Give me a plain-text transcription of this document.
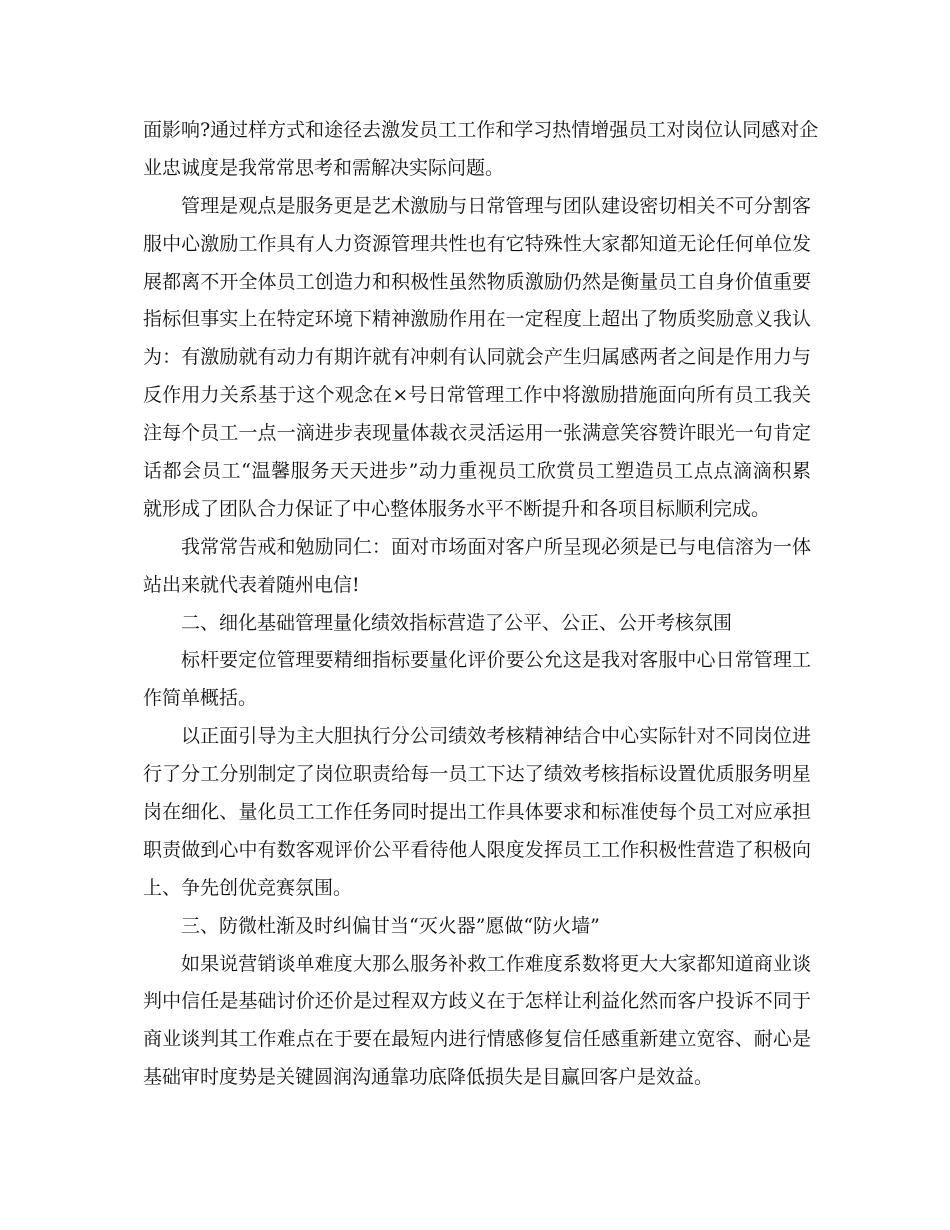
面影响?通过样方式和途径去激发员工工作和学习热情增强员工对岗位认同感对企
业忠诚度是我常常思考和需解决实际问题。
管理是观点是服务更是艺术激励与日常管理与团队建设密切相关不可分割客
服中心激励工作具有人力资源管理共性也有它特殊性大家都知道无论任何单位发
展都离不开全体员工创造力和积极性虽然物质激励仍然是衡量员工自身价值重要
指标但事实上在特定环境下精神激励作用在一定程度上超出了物质奖励意义我认
为：有激励就有动力有期许就有冲刺有认同就会产生归属感两者之间是作用力与
反作用力关系基于这个观念在×号日常管理工作中将激励措施面向所有员工我关
注每个员工一点一滴进步表现量体裁衣灵活运用一张满意笑容赞许眼光一句肯定
话都会员工“温馨服务天天进步”动力重视员工欣赏员工塑造员工点点滴滴积累
就形成了团队合力保证了中心整体服务水平不断提升和各项目标顺利完成。
我常常告戒和勉励同仁：面对市场面对客户所呈现必须是已与电信溶为一体
站出来就代表着随州电信!
二、细化基础管理量化绩效指标营造了公平、公正、公开考核氛围
标杆要定位管理要精细指标要量化评价要公允这是我对客服中心日常管理工
作简单概括。
以正面引导为主大胆执行分公司绩效考核精神结合中心实际针对不同岗位进
行了分工分别制定了岗位职责给每一员工下达了绩效考核指标设置优质服务明星
岗在细化、量化员工工作任务同时提出工作具体要求和标准使每个员工对应承担
职责做到心中有数客观评价公平看待他人限度发挥员工工作积极性营造了积极向
上、争先创优竞赛氛围。
三、防微杜渐及时纠偏甘当“灭火器”愿做“防火墙”
如果说营销谈单难度大那么服务补救工作难度系数将更大大家都知道商业谈
判中信任是基础讨价还价是过程双方歧义在于怎样让利益化然而客户投诉不同于
商业谈判其工作难点在于要在最短内进行情感修复信任感重新建立宽容、耐心是
基础审时度势是关键圆润沟通靠功底降低损失是目赢回客户是效益。
